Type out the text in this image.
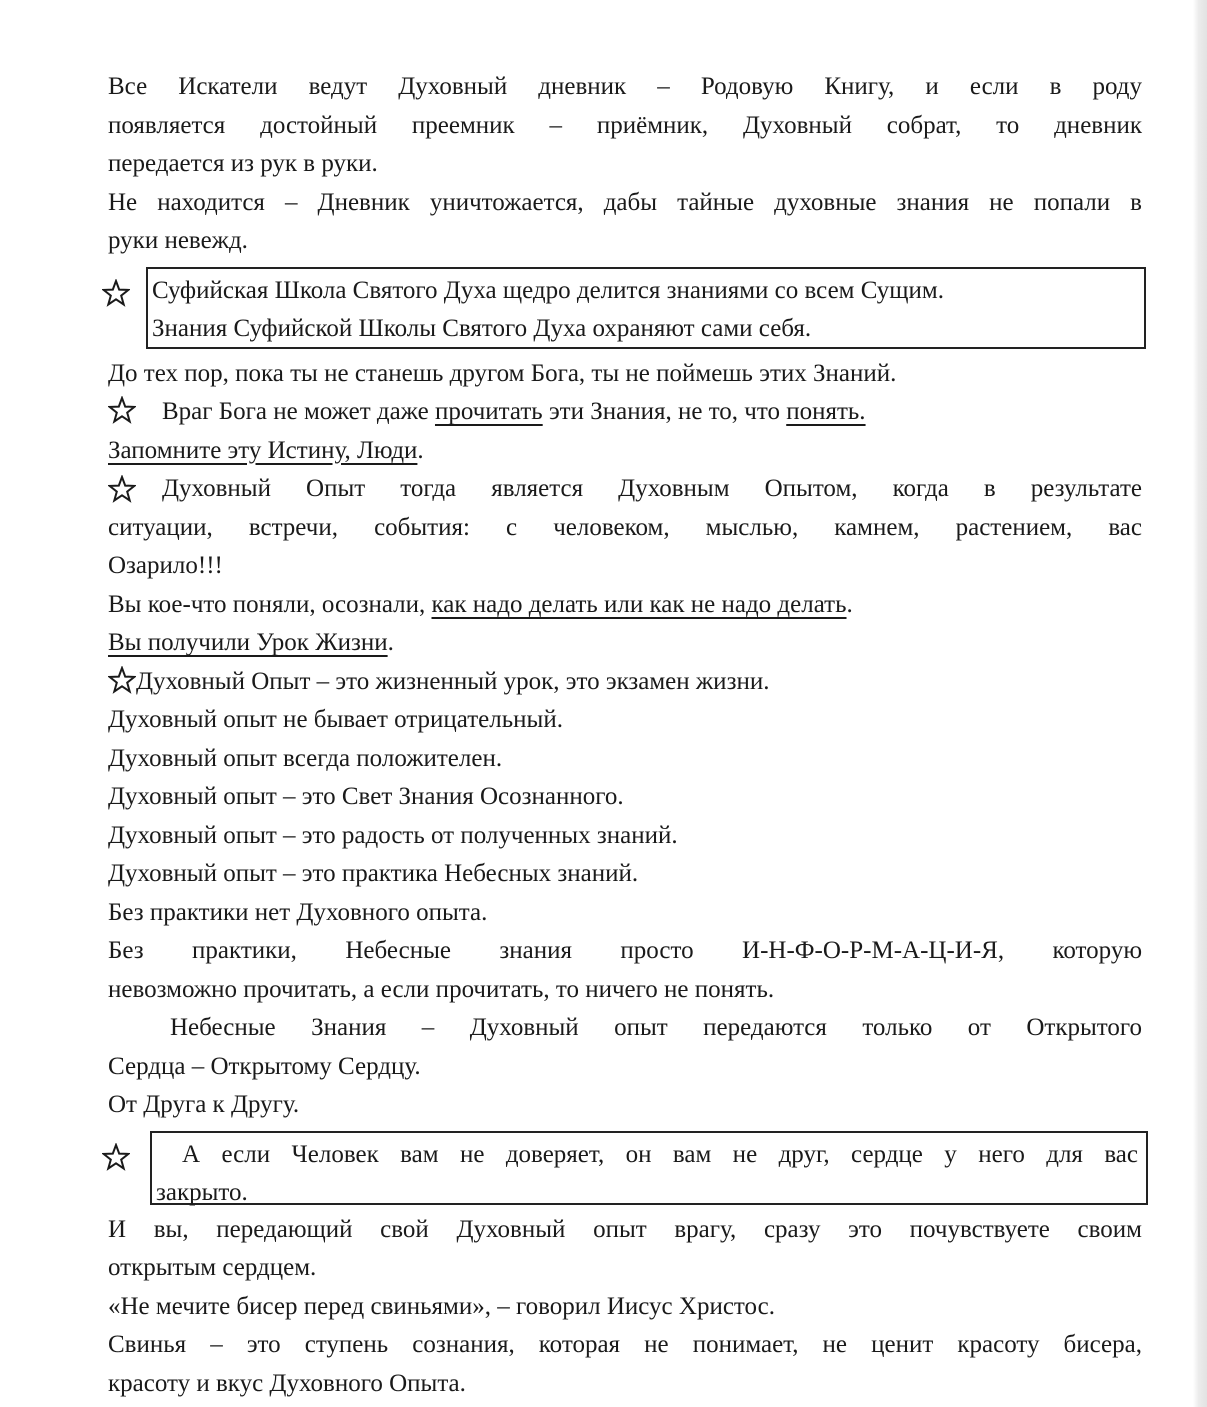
Все Искатели ведут Духовный дневник – Родовую Книгу, и если в роду
появляется достойный преемник – приёмник, Духовный собрат, то дневник
передается из рук в руки.
Не находится – Дневник уничтожается, дабы тайные духовные знания не попали в
руки невежд.
Суфийская Школа Святого Духа щедро делится знаниями со всем Сущим.
Знания Суфийской Школы Святого Духа охраняют сами себя.
До тех пор, пока ты не станешь другом Бога, ты не поймешь этих Знаний.
Враг Бога не может даже прочитать эти Знания, не то, что понять.
Запомните эту Истину, Люди.
Духовный Опыт тогда является Духовным Опытом, когда в результате
ситуации, встречи, события: с человеком, мыслью, камнем, растением, вас
Озарило!!!
Вы кое-что поняли, осознали, как надо делать или как не надо делать.
Вы получили Урок Жизни.
Духовный Опыт – это жизненный урок, это экзамен жизни.
Духовный опыт не бывает отрицательный.
Духовный опыт всегда положителен.
Духовный опыт – это Свет Знания Осознанного.
Духовный опыт – это радость от полученных знаний.
Духовный опыт – это практика Небесных знаний.
Без практики нет Духовного опыта.
Без практики, Небесные знания просто И-Н-Ф-О-Р-М-А-Ц-И-Я, которую
невозможно прочитать, а если прочитать, то ничего не понять.
Небесные Знания – Духовный опыт передаются только от Открытого
Сердца – Открытому Сердцу.
От Друга к Другу.
А если Человек вам не доверяет, он вам не друг, сердце у него для вас
закрыто.
И вы, передающий свой Духовный опыт врагу, сразу это почувствуете своим
открытым сердцем.
«Не мечите бисер перед свиньями», – говорил Иисус Христос.
Свинья – это ступень сознания, которая не понимает, не ценит красоту бисера,
красоту и вкус Духовного Опыта.
